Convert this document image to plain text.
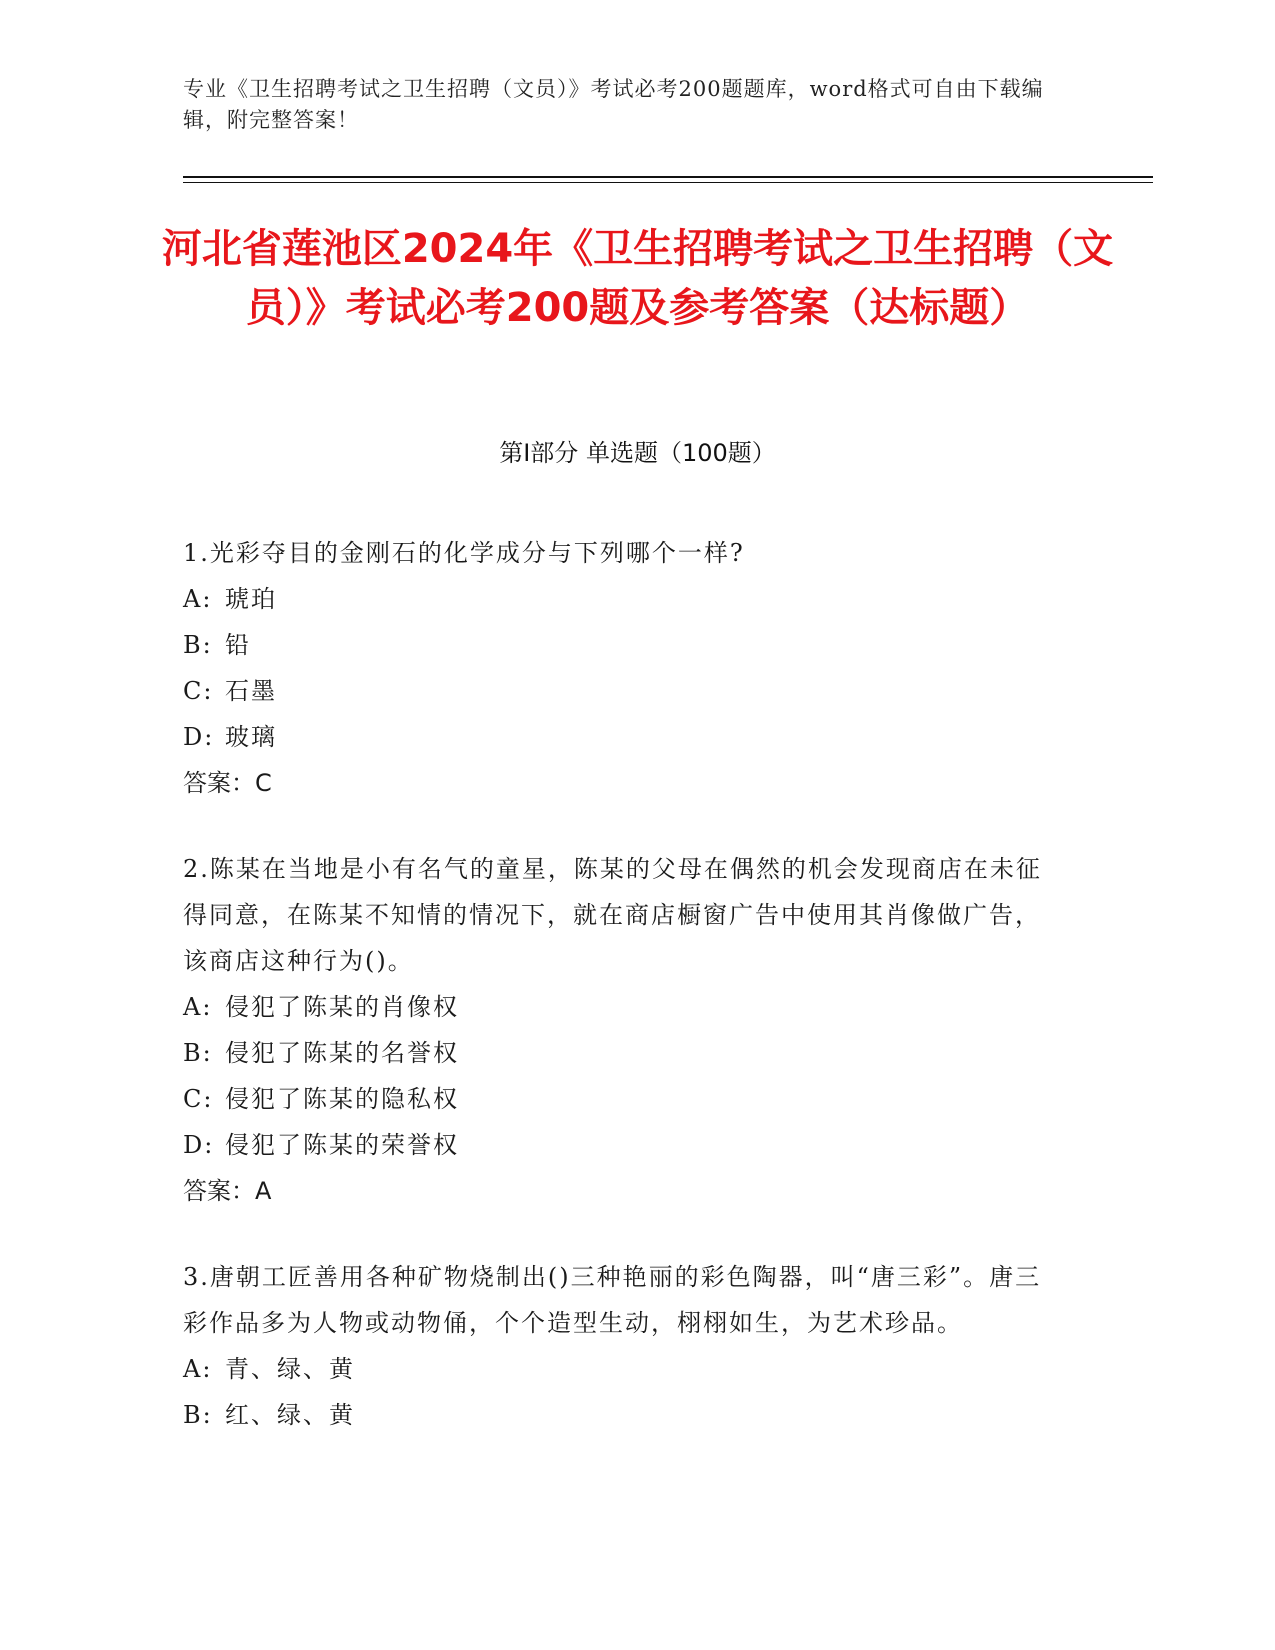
专业《卫生招聘考试之卫生招聘（文员）》考试必考200题题库，word格式可自由下载编辑，附完整答案！
河北省莲池区2024年《卫生招聘考试之卫生招聘（文员）》考试必考200题及参考答案（达标题）
第Ⅰ部分 单选题（100题）
1.光彩夺目的金刚石的化学成分与下列哪个一样?
A: 琥珀
B: 铅
C: 石墨
D: 玻璃
答案：C
2.陈某在当地是小有名气的童星，陈某的父母在偶然的机会发现商店在未征得同意，在陈某不知情的情况下，就在商店橱窗广告中使用其肖像做广告，该商店这种行为()。
A: 侵犯了陈某的肖像权
B: 侵犯了陈某的名誉权
C: 侵犯了陈某的隐私权
D: 侵犯了陈某的荣誉权
答案：A
3.唐朝工匠善用各种矿物烧制出()三种艳丽的彩色陶器，叫“唐三彩”。唐三彩作品多为人物或动物俑，个个造型生动，栩栩如生，为艺术珍品。
A: 青、绿、黄
B: 红、绿、黄
